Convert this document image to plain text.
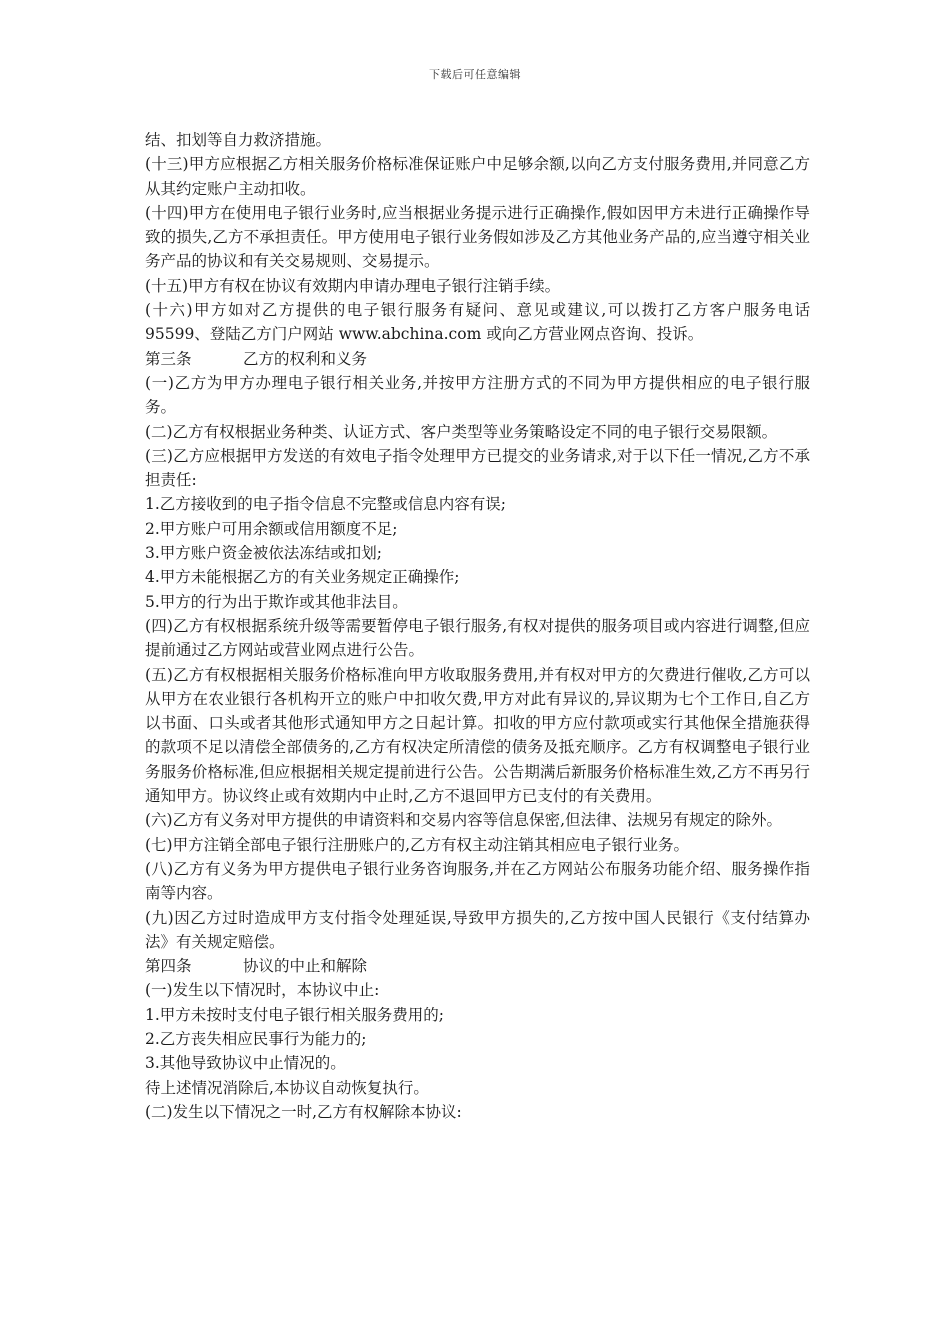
下载后可任意编辑

结、扣划等自力救济措施。

(十三)甲方应根据乙方相关服务价格标准保证账户中足够余额,以向乙方支付服务费用,并同意乙方从其约定账户主动扣收。

(十四)甲方在使用电子银行业务时,应当根据业务提示进行正确操作,假如因甲方未进行正确操作导致的损失,乙方不承担责任。甲方使用电子银行业务假如涉及乙方其他业务产品的,应当遵守相关业务产品的协议和有关交易规则、交易提示。

(十五)甲方有权在协议有效期内申请办理电子银行注销手续。

(十六)甲方如对乙方提供的电子银行服务有疑问、意见或建议,可以拨打乙方客户服务电话95599、登陆乙方门户网站 www.abchina.com 或向乙方营业网点咨询、投诉。

第三条	乙方的权利和义务

(一)乙方为甲方办理电子银行相关业务,并按甲方注册方式的不同为甲方提供相应的电子银行服务。

(二)乙方有权根据业务种类、认证方式、客户类型等业务策略设定不同的电子银行交易限额。

(三)乙方应根据甲方发送的有效电子指令处理甲方已提交的业务请求,对于以下任一情况,乙方不承担责任:

1.乙方接收到的电子指令信息不完整或信息内容有误;

2.甲方账户可用余额或信用额度不足;

3.甲方账户资金被依法冻结或扣划;

4.甲方未能根据乙方的有关业务规定正确操作;

5.甲方的行为出于欺诈或其他非法目。

(四)乙方有权根据系统升级等需要暂停电子银行服务,有权对提供的服务项目或内容进行调整,但应提前通过乙方网站或营业网点进行公告。

(五)乙方有权根据相关服务价格标准向甲方收取服务费用,并有权对甲方的欠费进行催收,乙方可以从甲方在农业银行各机构开立的账户中扣收欠费,甲方对此有异议的,异议期为七个工作日,自乙方以书面、口头或者其他形式通知甲方之日起计算。扣收的甲方应付款项或实行其他保全措施获得的款项不足以清偿全部债务的,乙方有权决定所清偿的债务及抵充顺序。乙方有权调整电子银行业务服务价格标准,但应根据相关规定提前进行公告。公告期满后新服务价格标准生效,乙方不再另行通知甲方。协议终止或有效期内中止时,乙方不退回甲方已支付的有关费用。

(六)乙方有义务对甲方提供的申请资料和交易内容等信息保密,但法律、法规另有规定的除外。

(七)甲方注销全部电子银行注册账户的,乙方有权主动注销其相应电子银行业务。

(八)乙方有义务为甲方提供电子银行业务咨询服务,并在乙方网站公布服务功能介绍、服务操作指南等内容。

(九)因乙方过时造成甲方支付指令处理延误,导致甲方损失的,乙方按中国人民银行《支付结算办法》有关规定赔偿。

第四条	协议的中止和解除

(一)发生以下情况时，本协议中止:

1.甲方未按时支付电子银行相关服务费用的;

2.乙方丧失相应民事行为能力的;

3.其他导致协议中止情况的。

待上述情况消除后,本协议自动恢复执行。

(二)发生以下情况之一时,乙方有权解除本协议:
